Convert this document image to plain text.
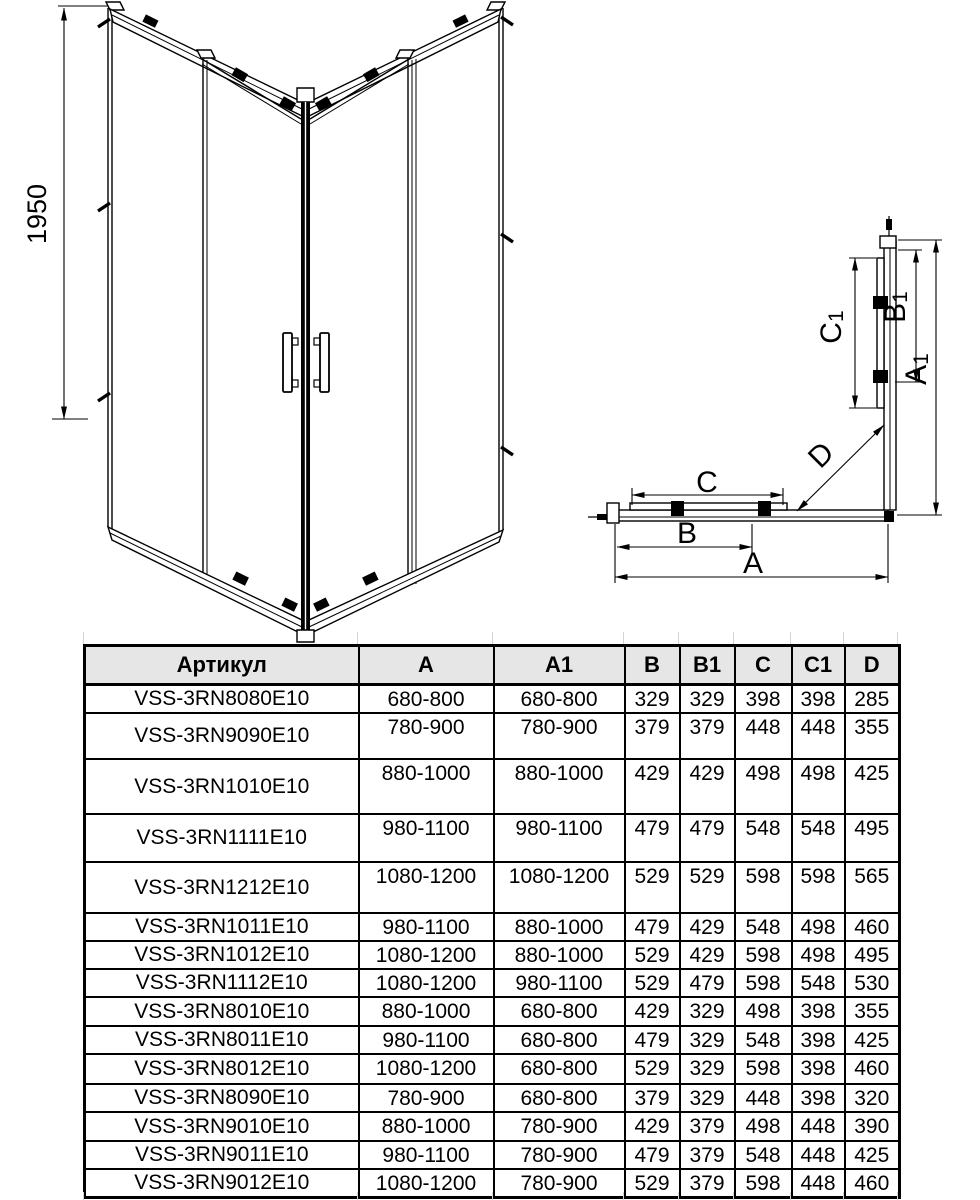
1950
C
B
A
C1 B1
A1
D
Артикул	A	A1	B	B1	C	C1	D
VSS-3RN8080E10	680-800	680-800	329	329	398	398	285
VSS-3RN9090E10	780-900	780-900	379	379	448	448	355
VSS-3RN1010E10	880-1000	880-1000	429	429	498	498	425
VSS-3RN1111E10	980-1100	980-1100	479	479	548	548	495
VSS-3RN1212E10	1080-1200	1080-1200	529	529	598	598	565
VSS-3RN1011E10	980-1100	880-1000	479	429	548	498	460
VSS-3RN1012E10	1080-1200	880-1000	529	429	598	498	495
VSS-3RN1112E10	1080-1200	980-1100	529	479	598	548	530
VSS-3RN8010E10	880-1000	680-800	429	329	498	398	355
VSS-3RN8011E10	980-1100	680-800	479	329	548	398	425
VSS-3RN8012E10	1080-1200	680-800	529	329	598	398	460
VSS-3RN8090E10	780-900	680-800	379	329	448	398	320
VSS-3RN9010E10	880-1000	780-900	429	379	498	448	390
VSS-3RN9011E10	980-1100	780-900	479	379	548	448	425
VSS-3RN9012E10	1080-1200	780-900	529	379	598	448	460
